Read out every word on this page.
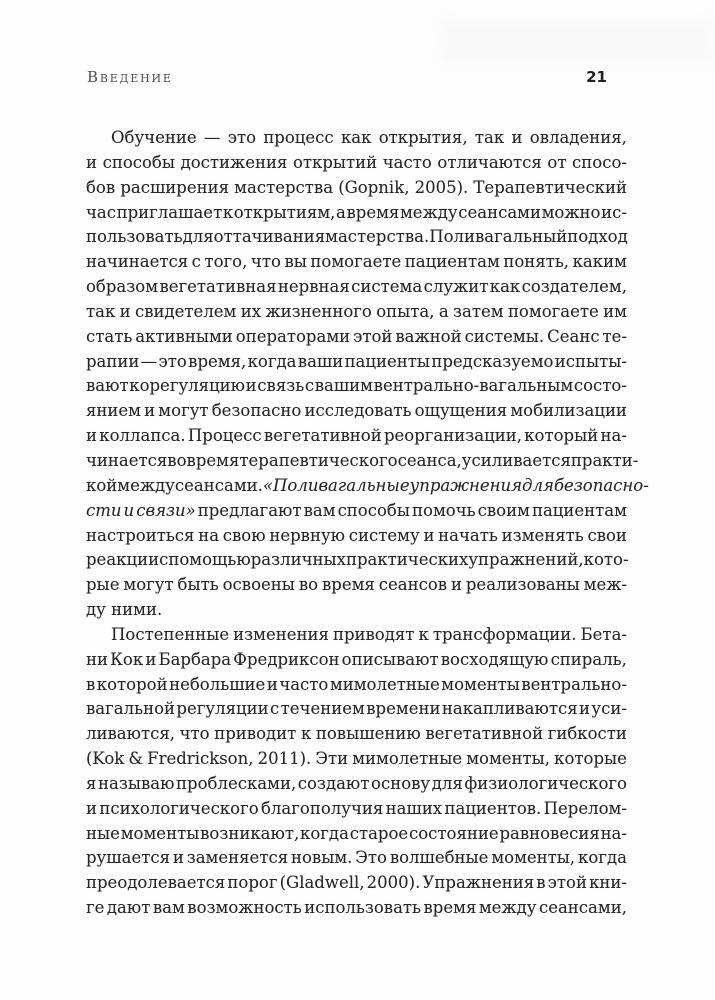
Введение	21
Обучение — это процесс как открытия, так и овладения,
и способы достижения открытий часто отличаются от спосо-
бов расширения мастерства (Gopnik, 2005). Терапевтический
час приглашает к открытиям, а время между сеансами можно ис-
пользовать для оттачивания мастерства. Поливагальный подход
начинается с того, что вы помогаете пациентам понять, каким
образом вегетативная нервная система служит как создателем,
так и свидетелем их жизненного опыта, а затем помогаете им
стать активными операторами этой важной системы. Сеанс те-
рапии — это время, когда ваши пациенты предсказуемо испыты-
вают корегуляцию и связь с вашим вентрально-вагальным состо-
янием и могут безопасно исследовать ощущения мобилизации
и коллапса. Процесс вегетативной реорганизации, который на-
чинается во время терапевтического сеанса, усиливается практи-
кой между сеансами. «Поливагальные упражнения для безопасно-
сти и связи» предлагают вам способы помочь своим пациентам
настроиться на свою нервную систему и начать изменять свои
реакции с помощью различных практических упражнений, кото-
рые могут быть освоены во время сеансов и реализованы меж-
ду ними.
Постепенные изменения приводят к трансформации. Бета-
ни Кок и Барбара Фредриксон описывают восходящую спираль,
в которой небольшие и часто мимолетные моменты вентрально-
вагальной регуляции с течением времени накапливаются и уси-
ливаются, что приводит к повышению вегетативной гибкости
(Kok & Fredrickson, 2011). Эти мимолетные моменты, которые
я называю проблесками, создают основу для физиологического
и психологического благополучия наших пациентов. Перелом-
ные моменты возникают, когда старое состояние равновесия на-
рушается и заменяется новым. Это волшебные моменты, когда
преодолевается порог (Gladwell, 2000). Упражнения в этой кни-
ге дают вам возможность использовать время между сеансами,
